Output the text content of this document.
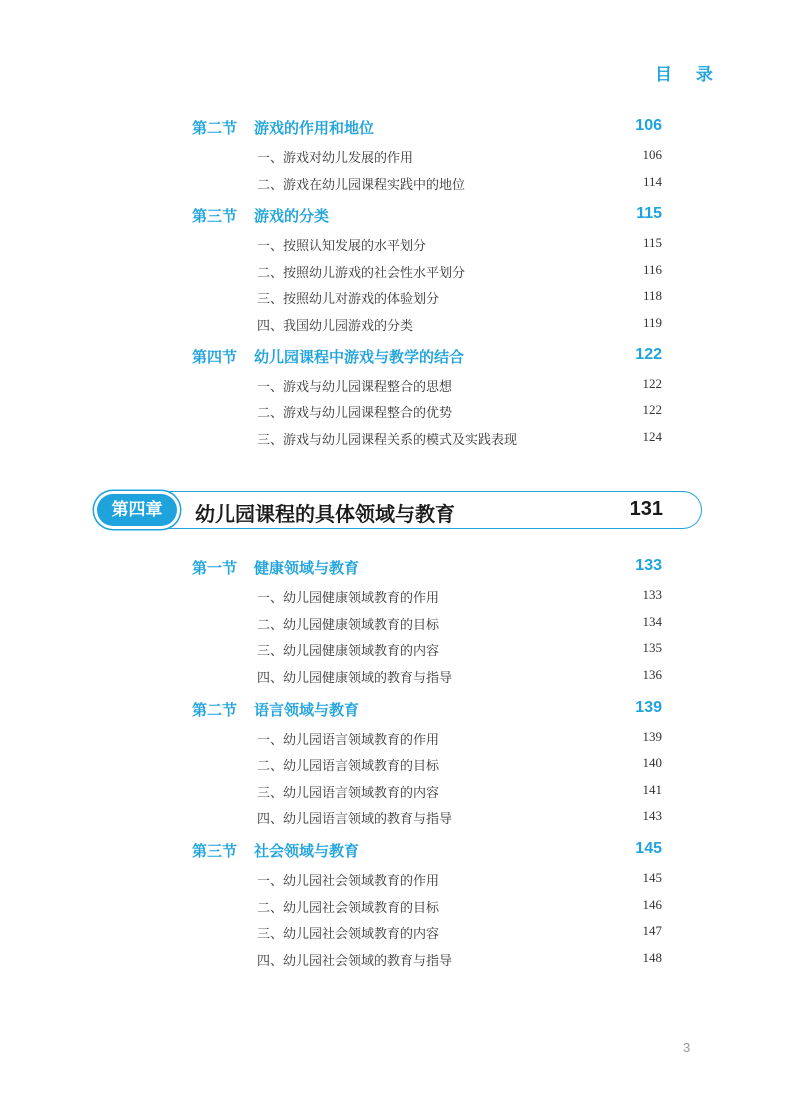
目 录
第二节 游戏的作用和地位	106
一、游戏对幼儿发展的作用	106
二、游戏在幼儿园课程实践中的地位	114
第三节 游戏的分类	115
一、按照认知发展的水平划分	115
二、按照幼儿游戏的社会性水平划分	116
三、按照幼儿对游戏的体验划分	118
四、我国幼儿园游戏的分类	119
第四节 幼儿园课程中游戏与教学的结合	122
一、游戏与幼儿园课程整合的思想	122
二、游戏与幼儿园课程整合的优势	122
三、游戏与幼儿园课程关系的模式及实践表现	124
第四章	幼儿园课程的具体领域与教育	131
第一节 健康领域与教育	133
一、幼儿园健康领域教育的作用	133
二、幼儿园健康领域教育的目标	134
三、幼儿园健康领域教育的内容	135
四、幼儿园健康领域的教育与指导	136
第二节 语言领域与教育	139
一、幼儿园语言领域教育的作用	139
二、幼儿园语言领域教育的目标	140
三、幼儿园语言领域教育的内容	141
四、幼儿园语言领域的教育与指导	143
第三节 社会领域与教育	145
一、幼儿园社会领域教育的作用	145
二、幼儿园社会领域教育的目标	146
三、幼儿园社会领域教育的内容	147
四、幼儿园社会领域的教育与指导	148
3
